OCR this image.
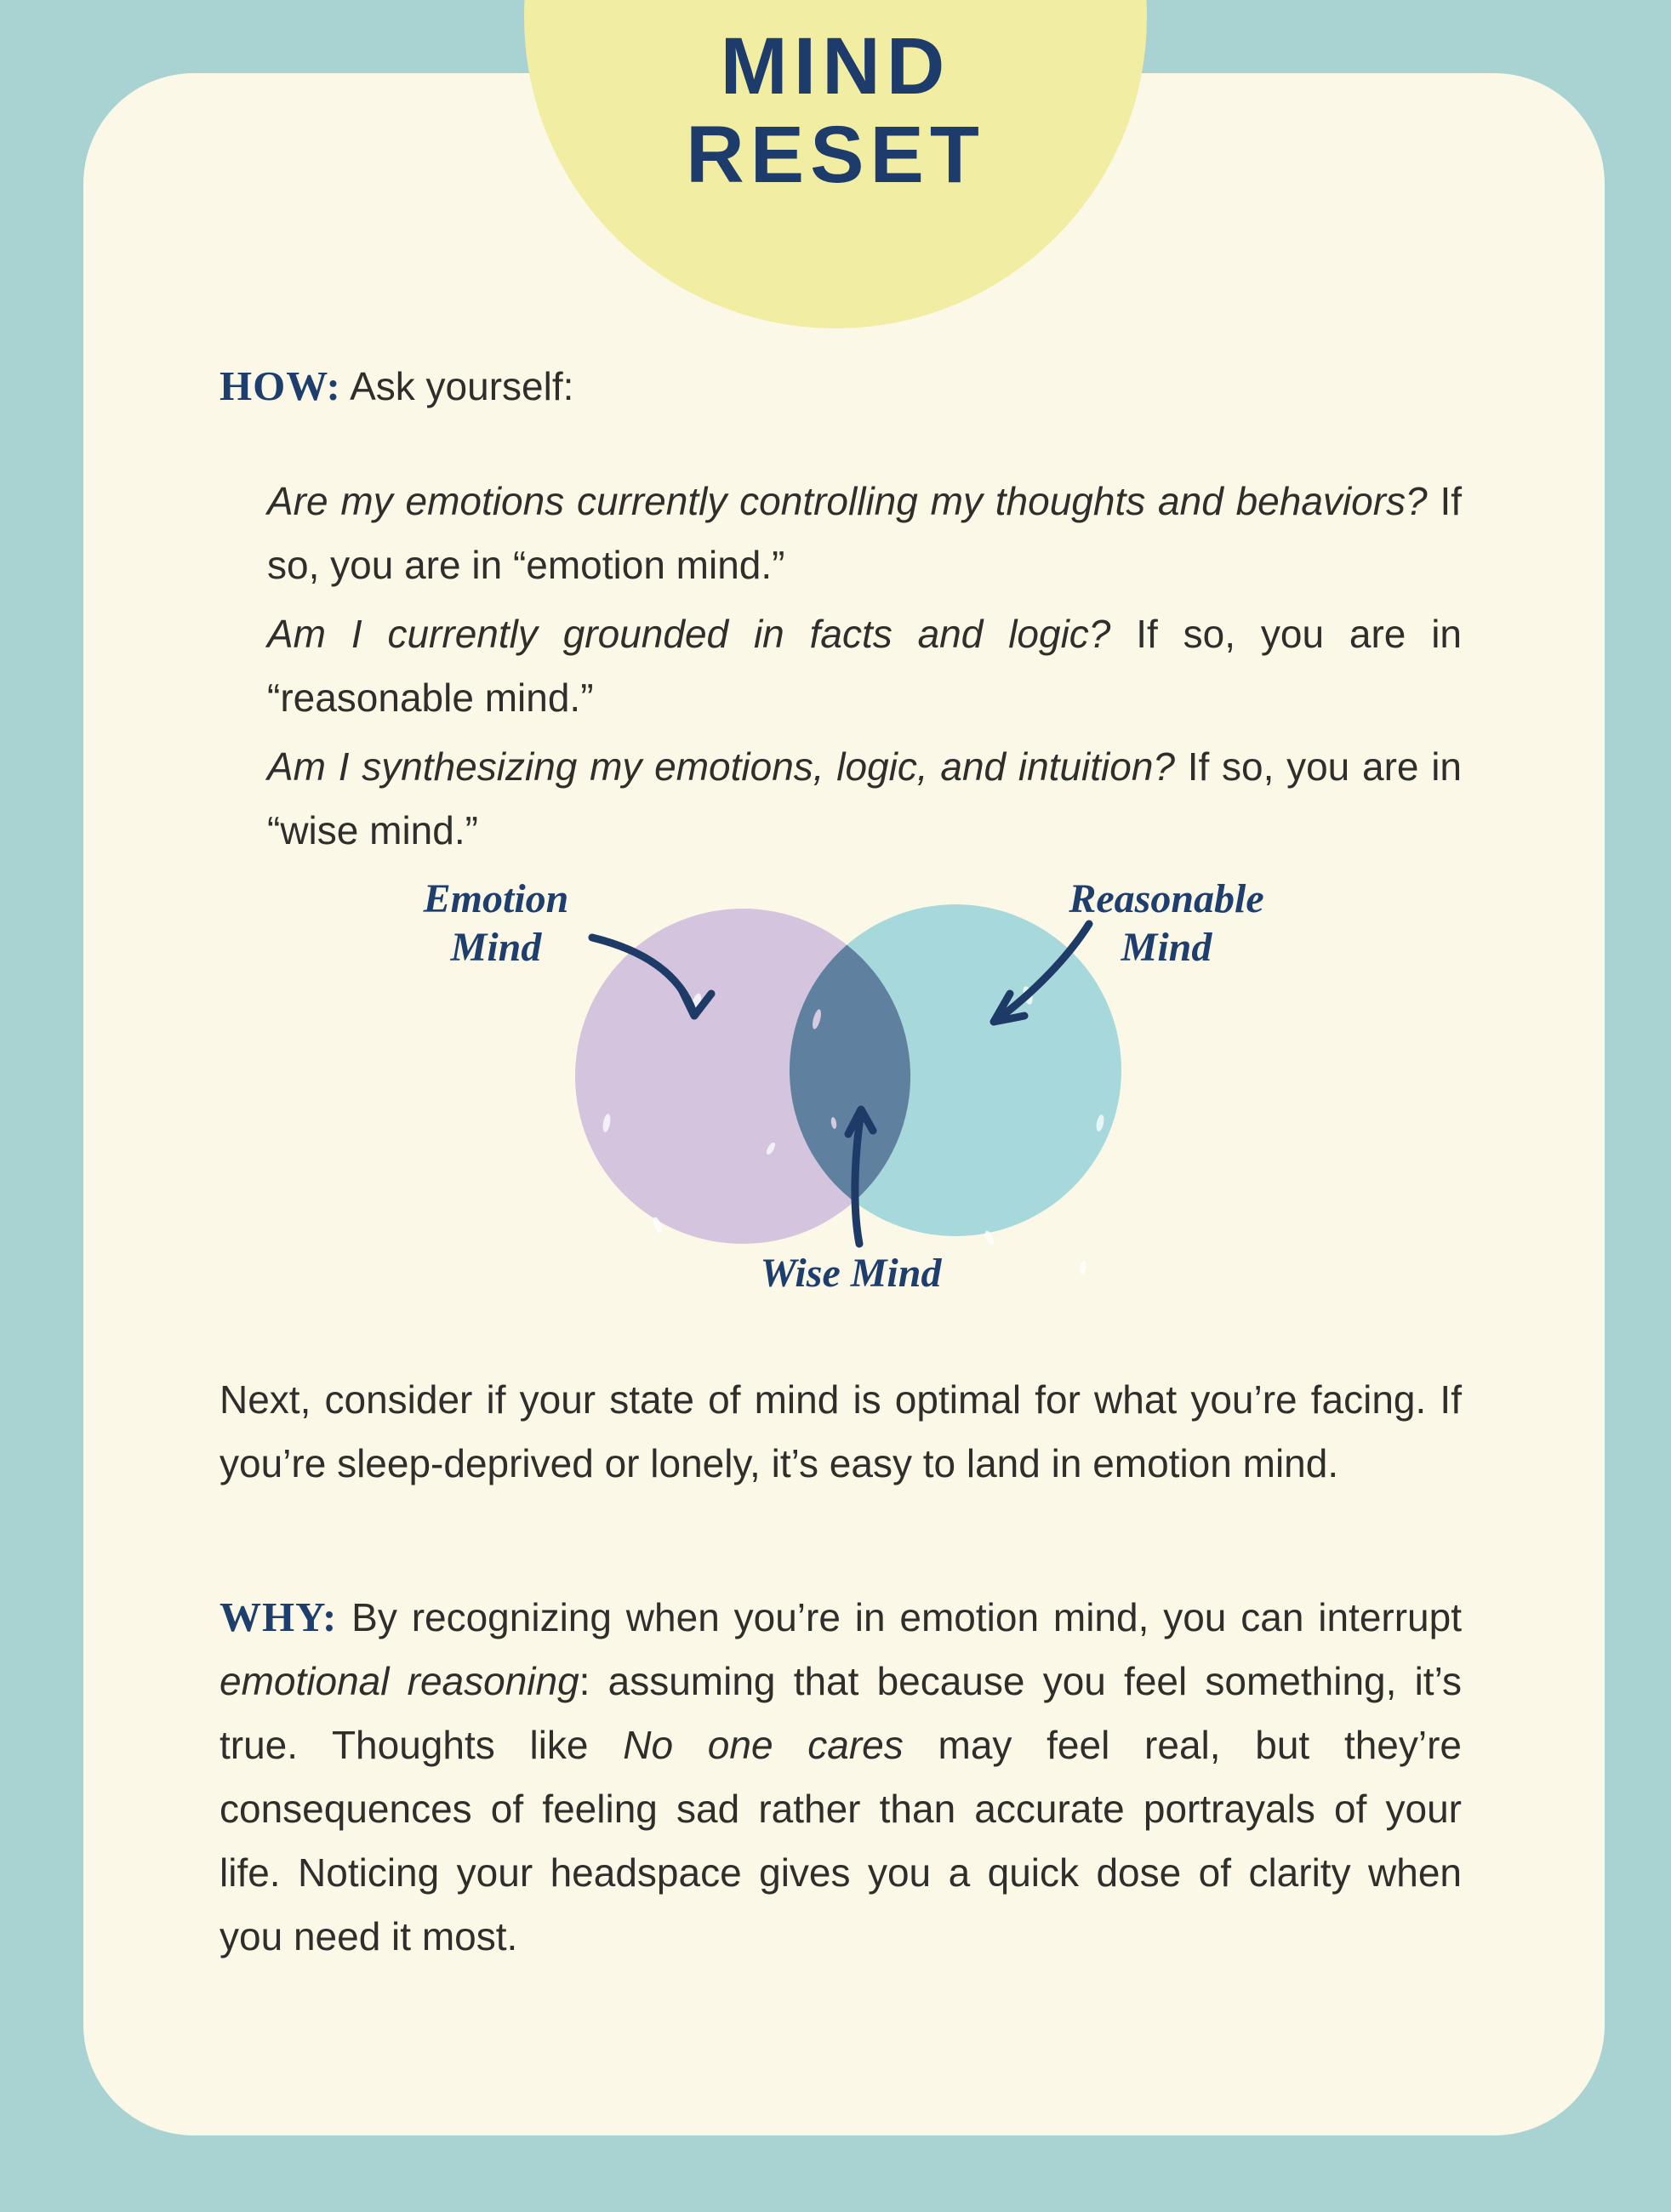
MIND
RESET

HOW: Ask yourself:

Are my emotions currently controlling my thoughts and behaviors? If so, you are in “emotion mind.”
Am I currently grounded in facts and logic? If so, you are in “reasonable mind.”
Am I synthesizing my emotions, logic, and intuition? If so, you are in “wise mind.”
Emotion
Mind
Reasonable
Mind
Wise Mind

Next, consider if your state of mind is optimal for what you’re facing. If you’re sleep-deprived or lonely, it’s easy to land in emotion mind.

WHY: By recognizing when you’re in emotion mind, you can interrupt emotional reasoning: assuming that because you feel something, it’s true. Thoughts like No one cares may feel real, but they’re consequences of feeling sad rather than accurate portrayals of your life. Noticing your headspace gives you a quick dose of clarity when you need it most.
